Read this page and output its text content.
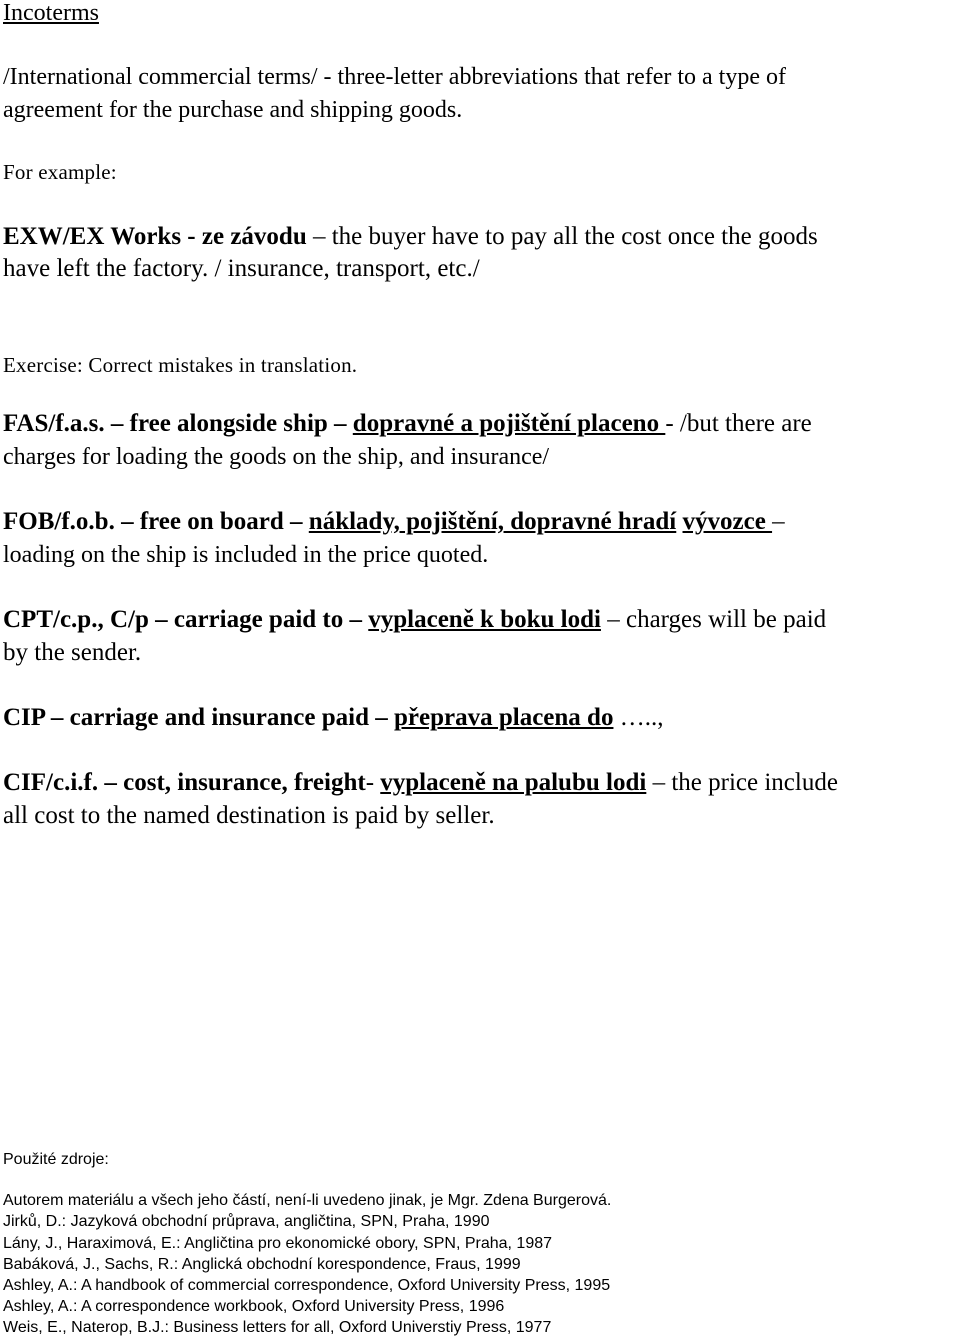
Incoterms
/International commercial terms/ - three-letter abbreviations that refer to a type of
agreement for the purchase and shipping goods.
For example:
EXW/EX Works - ze závodu – the buyer have to pay all the cost once the goods
have left the factory. / insurance, transport, etc./
Exercise: Correct mistakes in translation.
FAS/f.a.s. – free alongside ship – dopravné a pojištění placeno - /but there are
charges for loading the goods on the ship, and insurance/
FOB/f.o.b. – free on board – náklady, pojištění, dopravné hradí vývozce –
loading on the ship is included in the price quoted.
CPT/c.p., C/p – carriage paid to – vyplaceně k boku lodi – charges will be paid
by the sender.
CIP – carriage and insurance paid – přeprava placena do …..,
CIF/c.i.f. – cost, insurance, freight- vyplaceně na palubu lodi – the price include
all cost to the named destination is paid by seller.
Použité zdroje:
Autorem materiálu a všech jeho částí, není-li uvedeno jinak, je Mgr. Zdena Burgerová.
Jirků, D.: Jazyková obchodní průprava, angličtina, SPN, Praha, 1990
Lány, J., Haraximová, E.: Angličtina pro ekonomické obory, SPN, Praha, 1987
Babáková, J., Sachs, R.: Anglická obchodní korespondence, Fraus, 1999
Ashley, A.: A handbook of commercial correspondence, Oxford University Press, 1995
Ashley, A.: A correspondence workbook, Oxford University Press, 1996
Weis, E., Naterop, B.J.: Business letters for all, Oxford Universtiy Press, 1977
